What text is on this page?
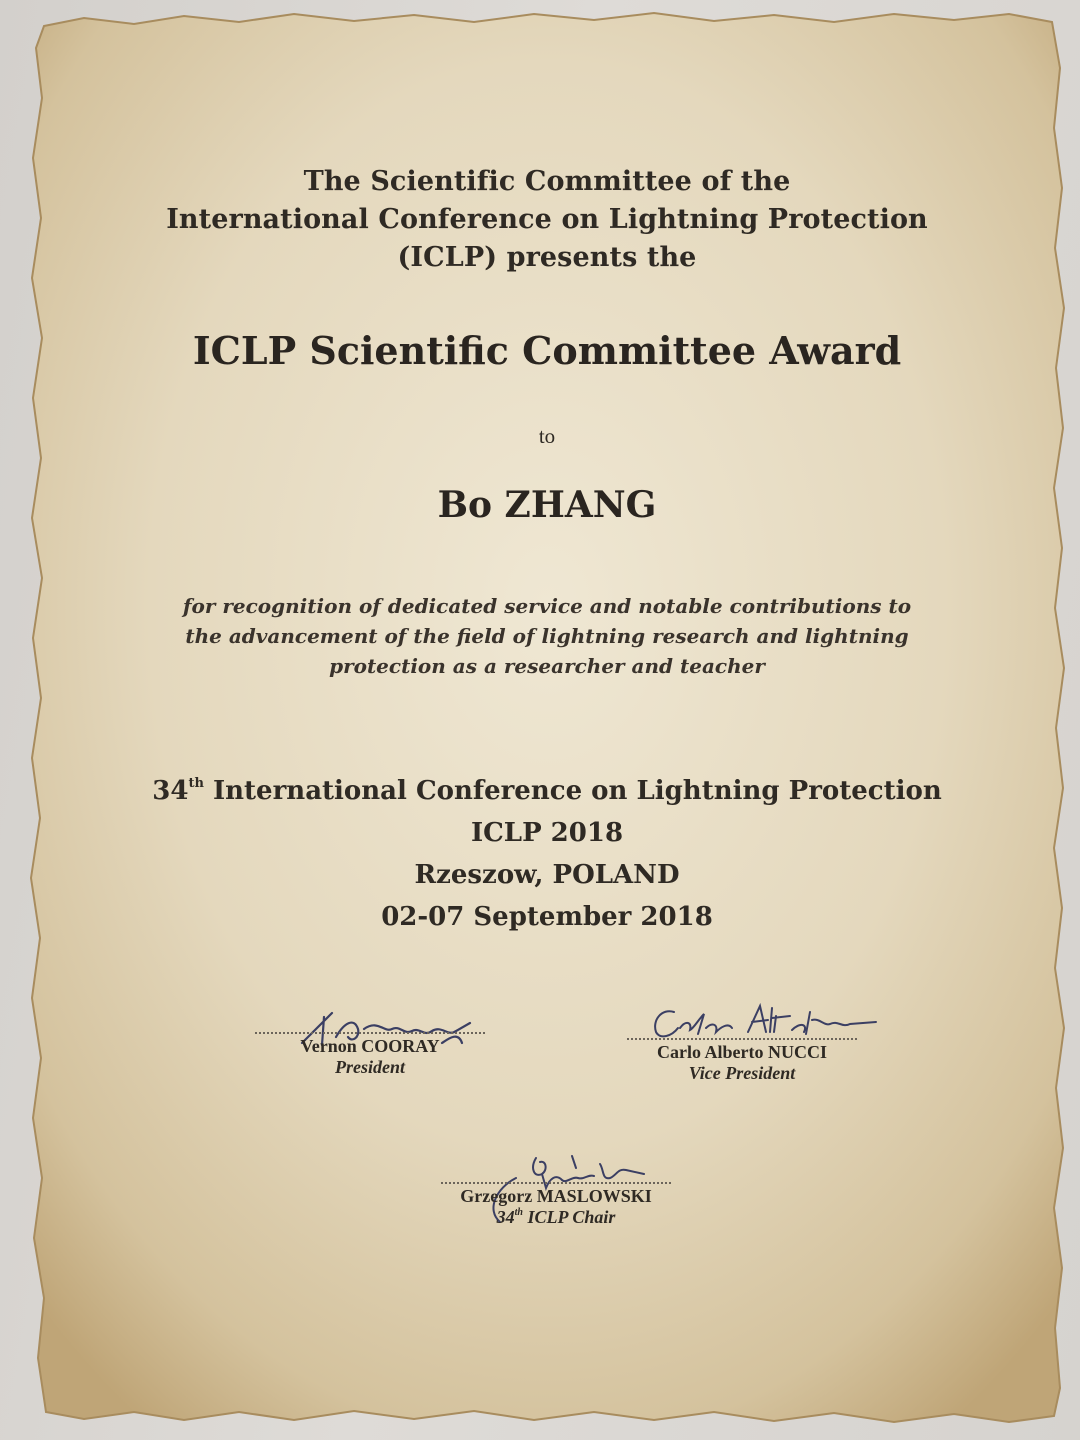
The Scientific Committee of the
International Conference on Lightning Protection
(ICLP) presents the
ICLP Scientific Committee Award
to
Bo ZHANG
for recognition of dedicated service and notable contributions to
the advancement of the field of lightning research and lightning
protection as a researcher and teacher
34th International Conference on Lightning Protection
ICLP 2018
Rzeszow, POLAND
02-07 September 2018
Vernon COORAY
President
Carlo Alberto NUCCI
Vice President
Grzegorz MASLOWSKI
34th ICLP Chair
